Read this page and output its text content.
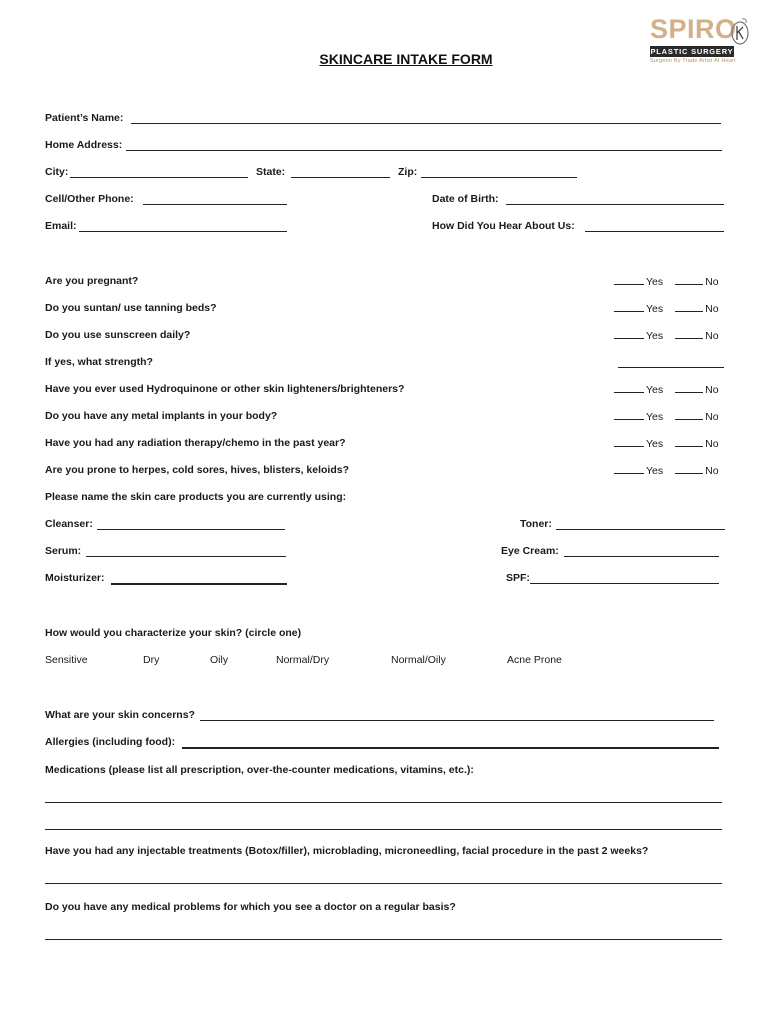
SPIRO
PLASTIC SURGERY
Surgeon By Trade Artist At Heart
SKINCARE INTAKE FORM
Patient’s Name:
Home Address:
City:	State:	Zip:
Cell/Other Phone:	Date of Birth:
Email:	How Did You Hear About Us:
Are you pregnant?	Yes	No
Do you suntan/ use tanning beds?	Yes	No
Do you use sunscreen daily?	Yes	No
If yes, what strength?
Have you ever used Hydroquinone or other skin lighteners/brighteners?	Yes	No
Do you have any metal implants in your body?	Yes	No
Have you had any radiation therapy/chemo in the past year?	Yes	No
Are you prone to herpes, cold sores, hives, blisters, keloids?	Yes	No
Please name the skin care products you are currently using:
Cleanser:	Toner:
Serum:	Eye Cream:
Moisturizer:	SPF:
How would you characterize your skin? (circle one)
Sensitive	Dry	Oily	Normal/Dry	Normal/Oily	Acne Prone
What are your skin concerns?
Allergies (including food):
Medications (please list all prescription, over-the-counter medications, vitamins, etc.):
Have you had any injectable treatments (Botox/filler), microblading, microneedling, facial procedure in the past 2 weeks?
Do you have any medical problems for which you see a doctor on a regular basis?
